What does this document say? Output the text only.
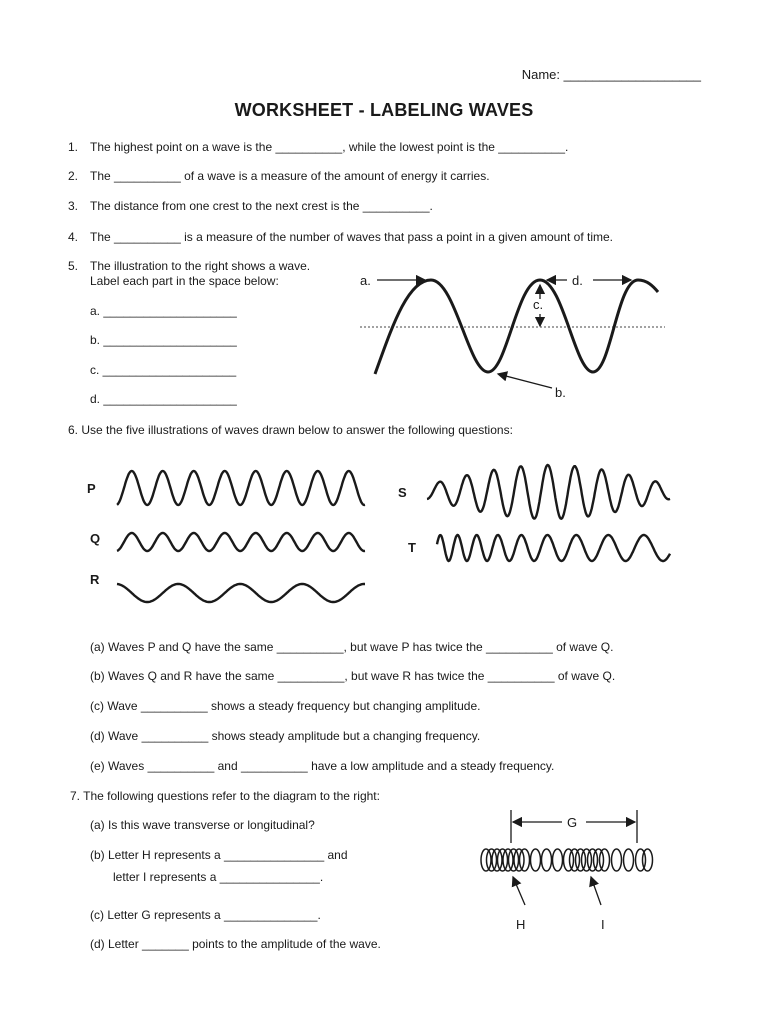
Name: ___________________
WORKSHEET - LABELING WAVES
1. The highest point on a wave is the __________, while the lowest point is the __________.
2. The __________ of a wave is a measure of the amount of energy it carries.
3. The distance from one crest to the next crest is the __________.
4. The __________ is a measure of the number of waves that pass a point in a given amount of time.
5. The illustration to the right shows a wave.
Label each part in the space below:
a. ____________________
b. ____________________
c. ____________________
d. ____________________
a.
c.
d.
b.
6. Use the five illustrations of waves drawn below to answer the following questions:
P
Q
R
S
T
(a) Waves P and Q have the same __________, but wave P has twice the __________ of wave Q.
(b) Waves Q and R have the same __________, but wave R has twice the __________ of wave Q.
(c) Wave __________ shows a steady frequency but changing amplitude.
(d) Wave __________ shows steady amplitude but a changing frequency.
(e) Waves __________ and __________ have a low amplitude and a steady frequency.
7. The following questions refer to the diagram to the right:
(a) Is this wave transverse or longitudinal?
(b) Letter H represents a _______________ and
letter I represents a _______________.
(c) Letter G represents a ______________.
(d) Letter _______ points to the amplitude of the wave.
G
H	I
